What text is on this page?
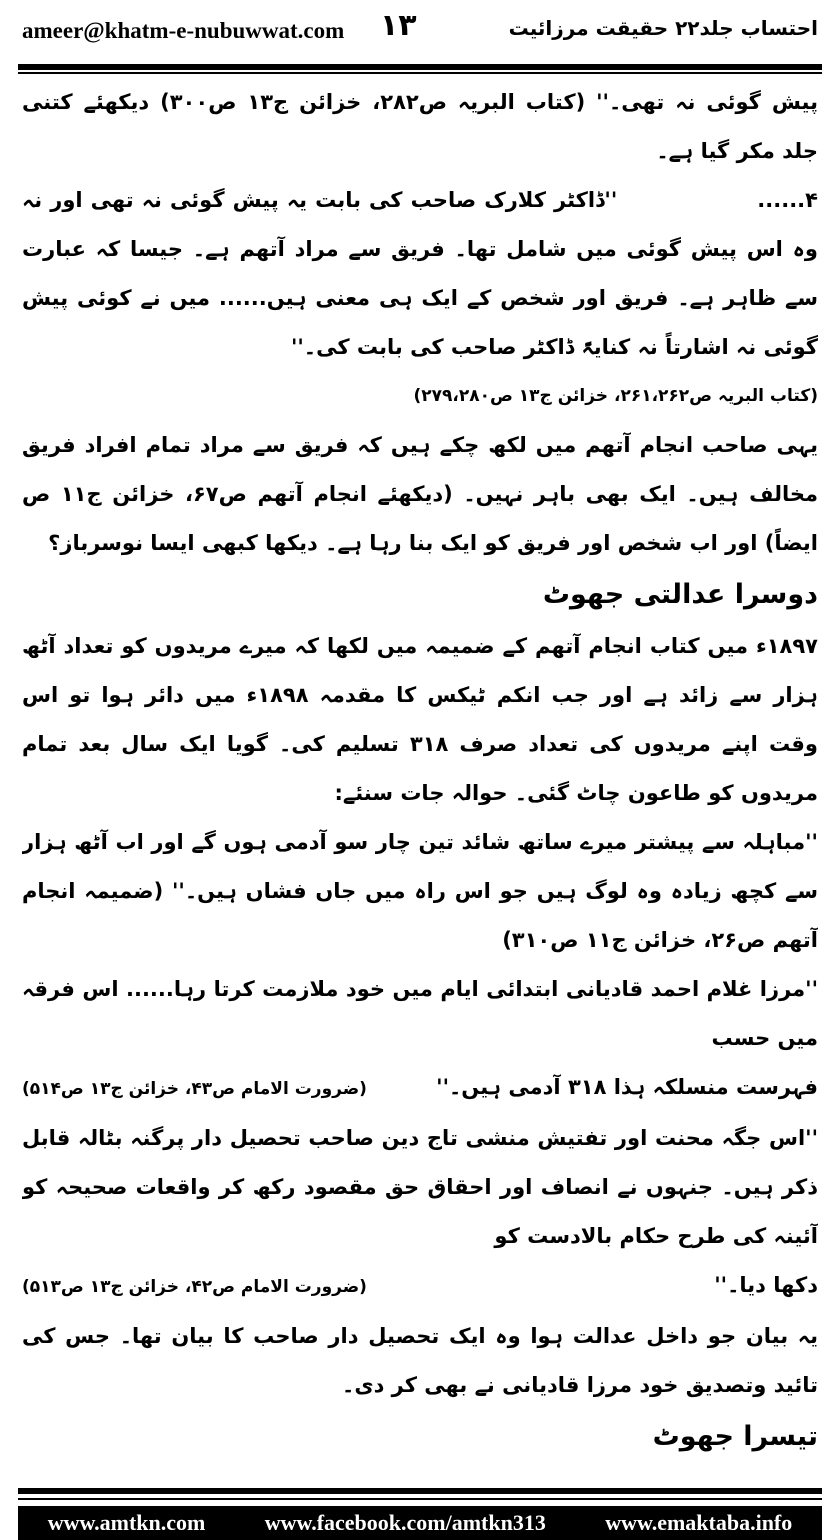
ameer@khatm-e-nubuwwat.com ۱۳	احتساب جلد۲۲ حقیقت مرزائیت

پیش گوئی نہ تھی۔'' (کتاب البریہ ص۲۸۲، خزائن ج۱۳ ص۳۰۰) دیکھئے کتنی جلد مکر گیا ہے۔

۴......''ڈاکٹر کلارک صاحب کی بابت یہ پیش گوئی نہ تھی اور نہ وہ اس پیش گوئی میں شامل تھا۔ فریق سے مراد آتھم ہے۔ جیسا کہ عبارت سے ظاہر ہے۔ فریق اور شخص کے ایک ہی معنی ہیں...... میں نے کوئی پیش گوئی نہ اشارتاً نہ کنایۃً ڈاکٹر صاحب کی بابت کی۔''

(کتاب البریہ ص۲۶۱،۲۶۲، خزائن ج۱۳ ص۲۷۹،۲۸۰)

یہی صاحب انجام آتھم میں لکھ چکے ہیں کہ فریق سے مراد تمام افراد فریق مخالف ہیں۔ ایک بھی باہر نہیں۔ (دیکھئے انجام آتھم ص۶۷، خزائن ج۱۱ ص ایضاً) اور اب شخص اور فریق کو ایک بنا رہا ہے۔ دیکھا کبھی ایسا نوسرباز؟

دوسرا عدالتی جھوٹ

۱۸۹۷ء میں کتاب انجام آتھم کے ضمیمہ میں لکھا کہ میرے مریدوں کو تعداد آٹھ ہزار سے زائد ہے اور جب انکم ٹیکس کا مقدمہ ۱۸۹۸ء میں دائر ہوا تو اس وقت اپنے مریدوں کی تعداد صرف ۳۱۸ تسلیم کی۔ گویا ایک سال بعد تمام مریدوں کو طاعون چاٹ گئی۔ حوالہ جات سنئے:

''مباہلہ سے پیشتر میرے ساتھ شائد تین چار سو آدمی ہوں گے اور اب آٹھ ہزار سے کچھ زیادہ وہ لوگ ہیں جو اس راہ میں جاں فشاں ہیں۔'' (ضمیمہ انجام آتھم ص۲۶، خزائن ج۱۱ ص۳۱۰)

''مرزا غلام احمد قادیانی ابتدائی ایام میں خود ملازمت کرتا رہا...... اس فرقہ میں حسب

فہرست منسلکہ ہذا ۳۱۸ آدمی ہیں۔''
(ضرورت الامام ص۴۳، خزائن ج۱۳ ص۵۱۴)

''اس جگہ محنت اور تفتیش منشی تاج دین صاحب تحصیل دار پرگنہ بٹالہ قابل ذکر ہیں۔ جنہوں نے انصاف اور احقاق حق مقصود رکھ کر واقعات صحیحہ کو آئینہ کی طرح حکام بالادست کو

دکھا دیا۔''
(ضرورت الامام ص۴۲، خزائن ج۱۳ ص۵۱۳)

یہ بیان جو داخل عدالت ہوا وہ ایک تحصیل دار صاحب کا بیان تھا۔ جس کی تائید وتصدیق خود مرزا قادیانی نے بھی کر دی۔

تیسرا جھوٹ

www.amtkn.com	www.facebook.com/amtkn313	www.emaktaba.info
